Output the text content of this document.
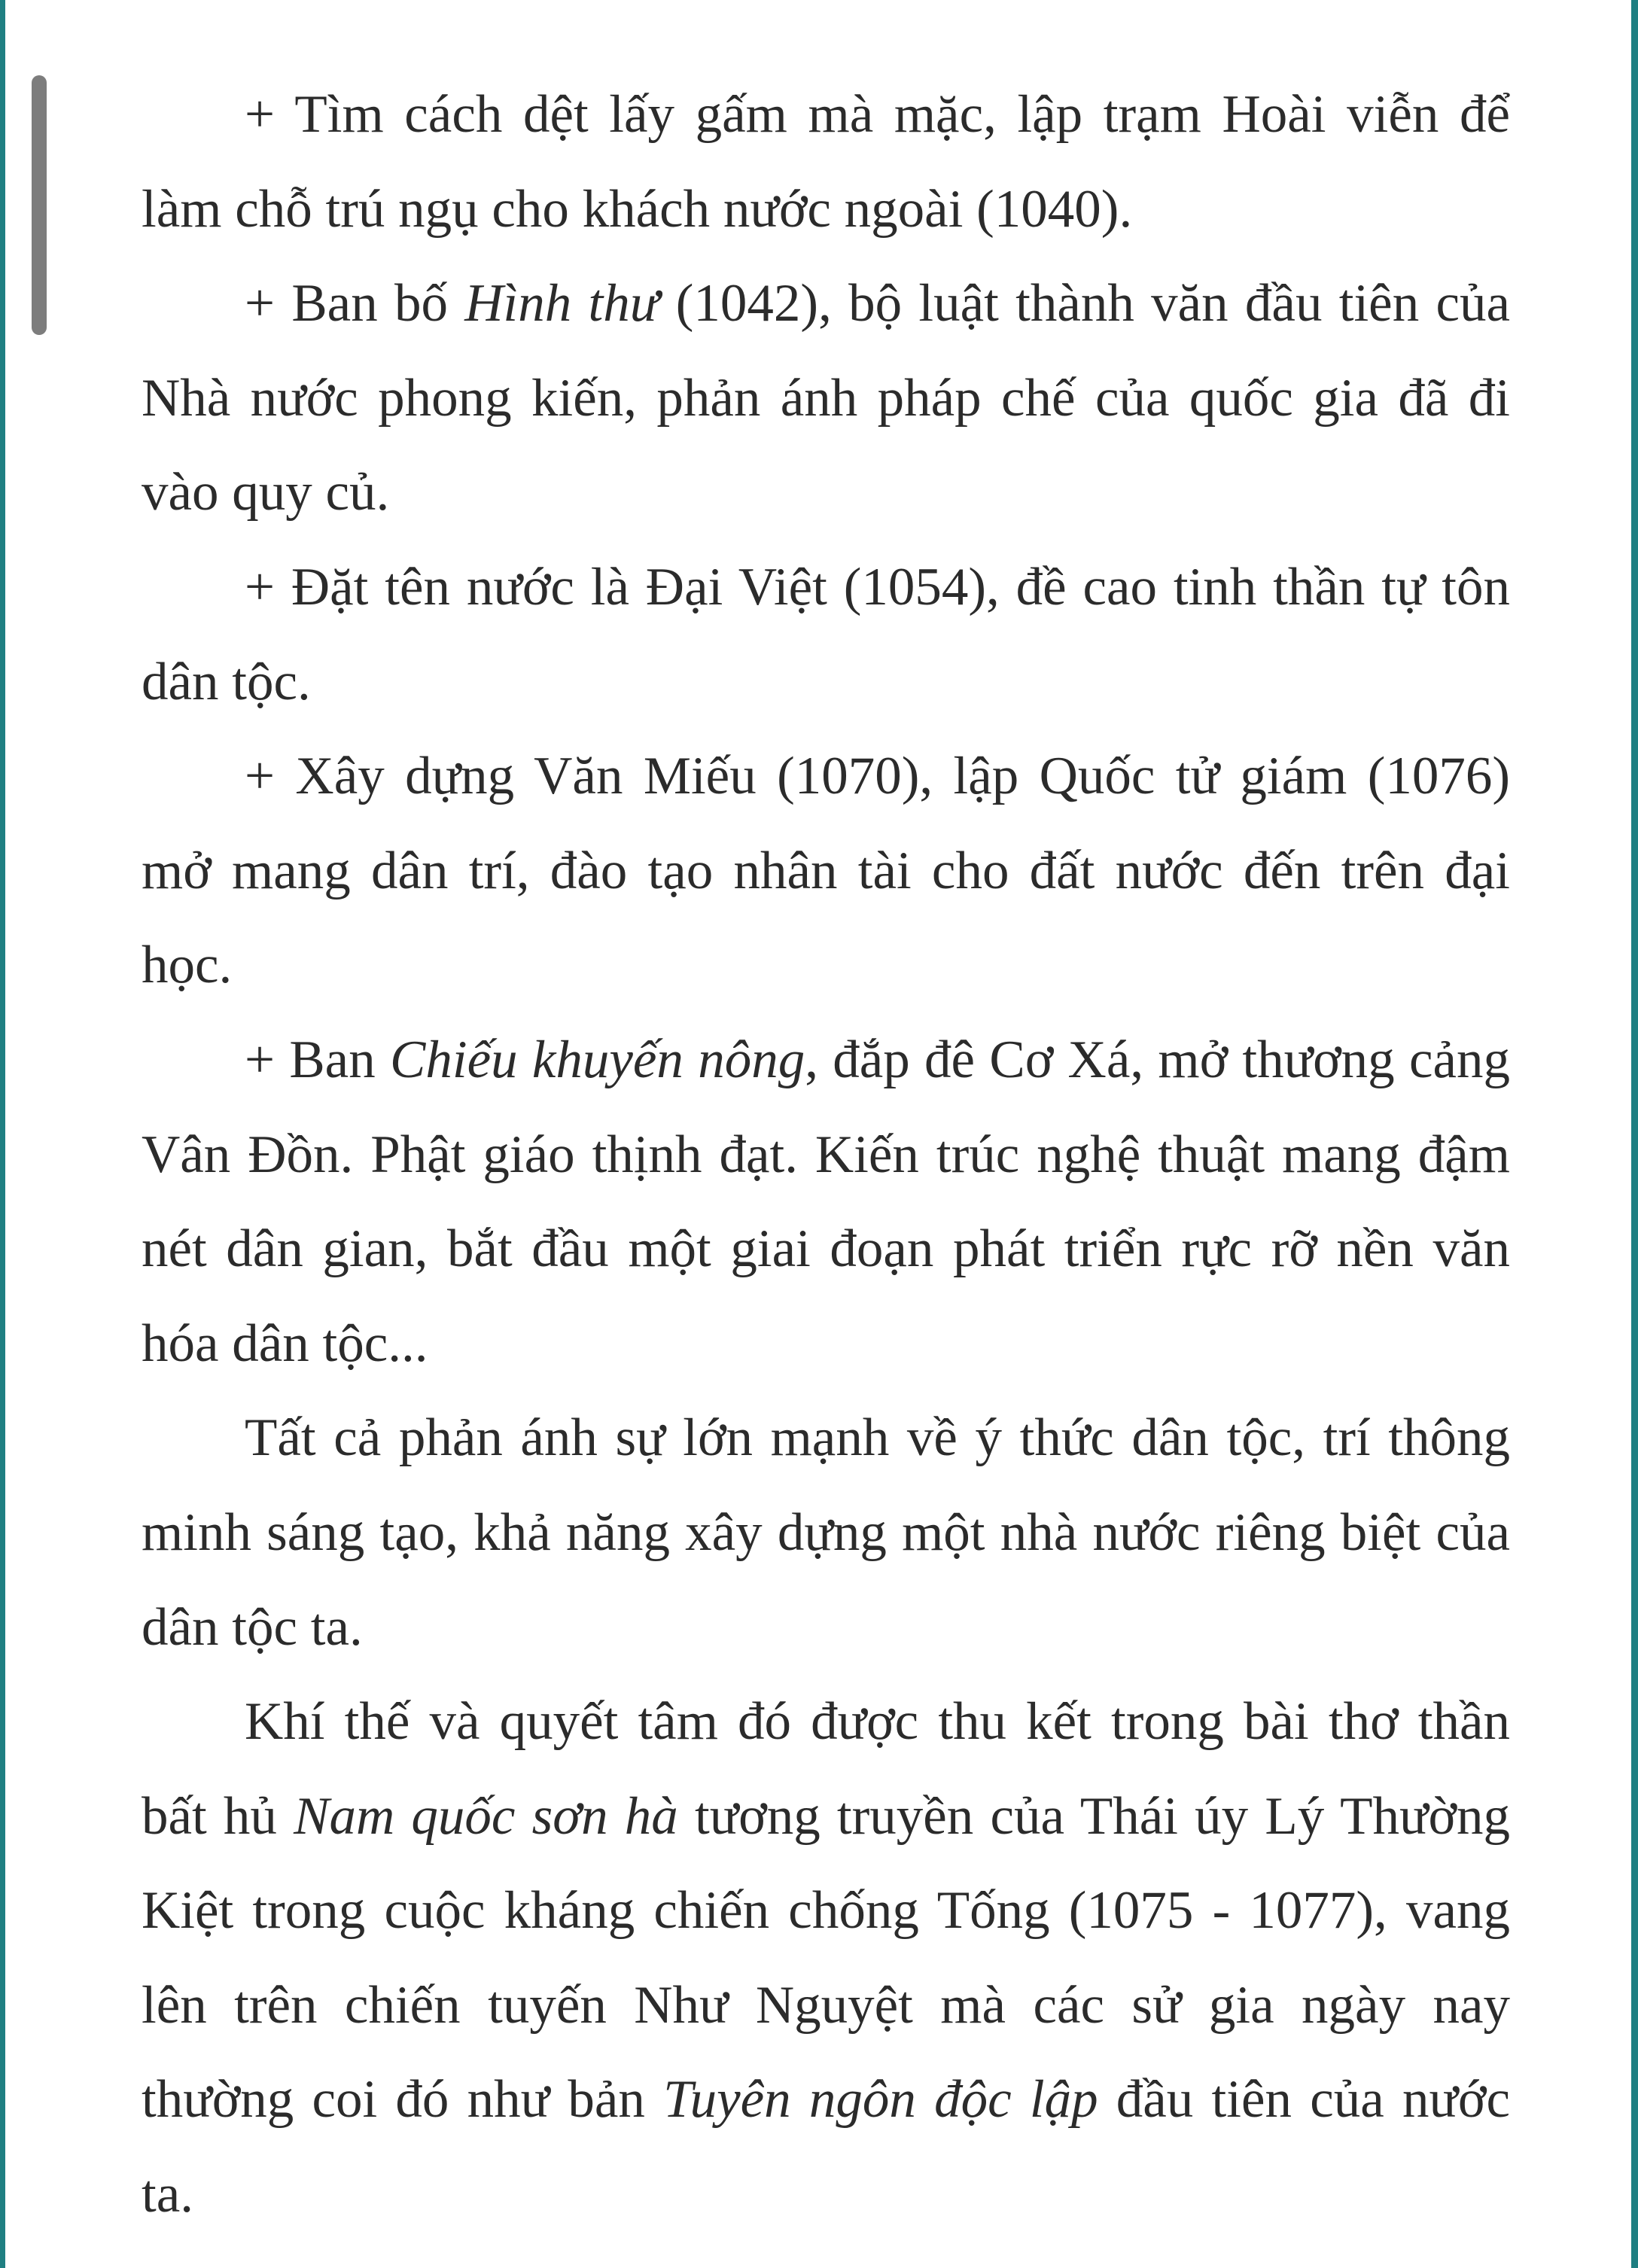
+ Tìm cách dệt lấy gấm mà mặc, lập trạm Hoài viễn để làm chỗ trú ngụ cho khách nước ngoài (1040).

+ Ban bố Hình thư (1042), bộ luật thành văn đầu tiên của Nhà nước phong kiến, phản ánh pháp chế của quốc gia đã đi vào quy củ.

+ Đặt tên nước là Đại Việt (1054), đề cao tinh thần tự tôn dân tộc.

+ Xây dựng Văn Miếu (1070), lập Quốc tử giám (1076) mở mang dân trí, đào tạo nhân tài cho đất nước đến trên đại học.

+ Ban Chiếu khuyến nông, đắp đê Cơ Xá, mở thương cảng Vân Đồn. Phật giáo thịnh đạt. Kiến trúc nghệ thuật mang đậm nét dân gian, bắt đầu một giai đoạn phát triển rực rỡ nền văn hóa dân tộc...

Tất cả phản ánh sự lớn mạnh về ý thức dân tộc, trí thông minh sáng tạo, khả năng xây dựng một nhà nước riêng biệt của dân tộc ta.

Khí thế và quyết tâm đó được thu kết trong bài thơ thần bất hủ Nam quốc sơn hà tương truyền của Thái úy Lý Thường Kiệt trong cuộc kháng chiến chống Tống (1075 - 1077), vang lên trên chiến tuyến Như Nguyệt mà các sử gia ngày nay thường coi đó như bản Tuyên ngôn độc lập đầu tiên của nước ta.
